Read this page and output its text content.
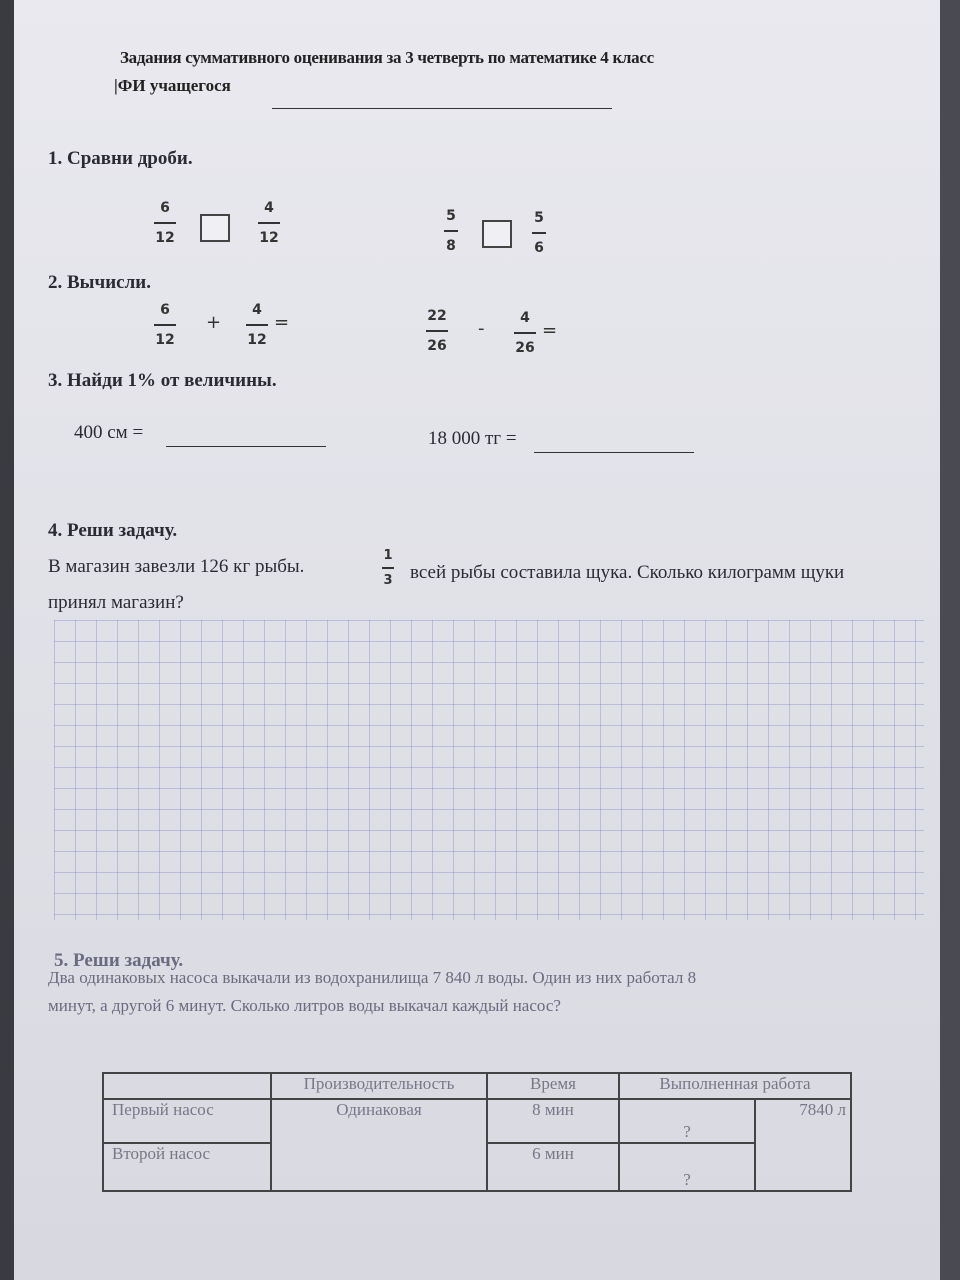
Задания суммативного оценивания за 3 четверть по математике 4 класс
|ФИ учащегося
1. Сравни дроби.
6
12
4
12
5
8
5
6
2. Вычисли.
6
12
+
4
12
=	22
26
-	4
26
=
3. Найди 1% от величины.
400 см =	18 000 тг =
4. Реши задачу.
В магазин завезли 126 кг рыбы.
1
3 всей рыбы составила щука. Сколько килограмм щуки
принял магазин?
5. Реши задачу.
Два одинаковых насоса выкачали из водохранилища 7 840 л воды. Один из них работал 8
минут, а другой 6 минут. Сколько литров воды выкачал каждый насос?
	Производительность	Время	Выполненная работа	
Первый насос	Одинаковая	8 мин	?	7840 л
Второй насос		6 мин	?	
